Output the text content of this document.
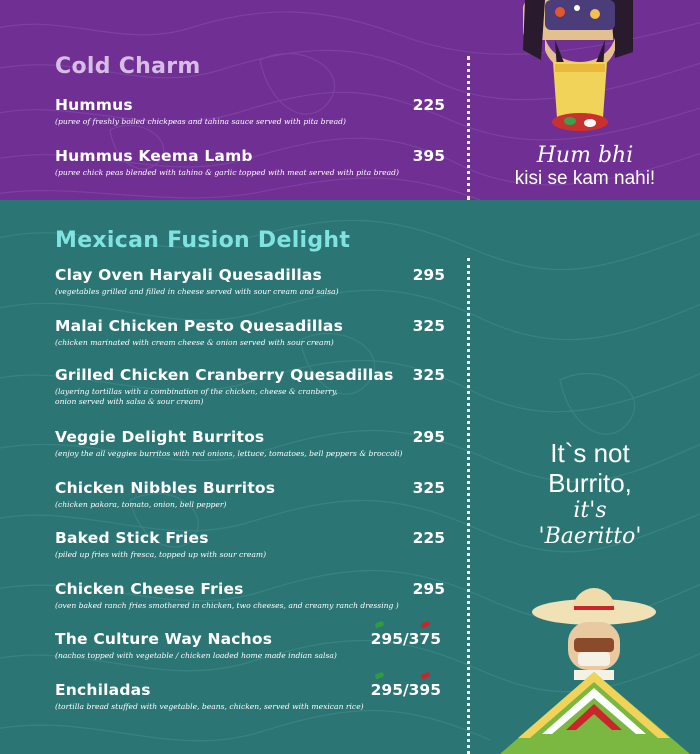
Hum bhi
kisi se kam nahi!
Cold Charm
Hummus	225
(puree of freshly boiled chickpeas and tahina sauce served with pita bread)
Hummus Keema Lamb	395
(puree chick peas blended with tahino & garlic topped with meat served with pita bread)
Mexican Fusion Delight
Clay Oven Haryali Quesadillas	295
(vegetables grilled and filled in cheese served with sour cream and salsa)
Malai Chicken Pesto Quesadillas	325
(chicken marinated with cream cheese & onion served with sour cream)
Grilled Chicken Cranberry Quesadillas 325
(layering tortillas with a combination of the chicken, cheese & cranberry, onion served with salsa & sour cream)
Veggie Delight Burritos	295
(enjoy the all veggies burritos with red onions, lettuce, tomatoes, bell peppers & broccoli)
Chicken Nibbles Burritos	325
(chicken pakora, tomato, onion, bell pepper)
Baked Stick Fries	225
(piled up fries with fresca, topped up with sour cream)
Chicken Cheese Fries	295
(oven baked ranch fries smothered in chicken, two cheeses, and creamy ranch dressing )
The Culture Way Nachos	295/375
(nachos topped with vegetable / chicken loaded home made indian salsa)
Enchiladas	295/395
(tortilla bread stuffed with vegetable, beans, chicken, served with mexican rice)
It`s not
Burrito,
it's
'Baeritto'
